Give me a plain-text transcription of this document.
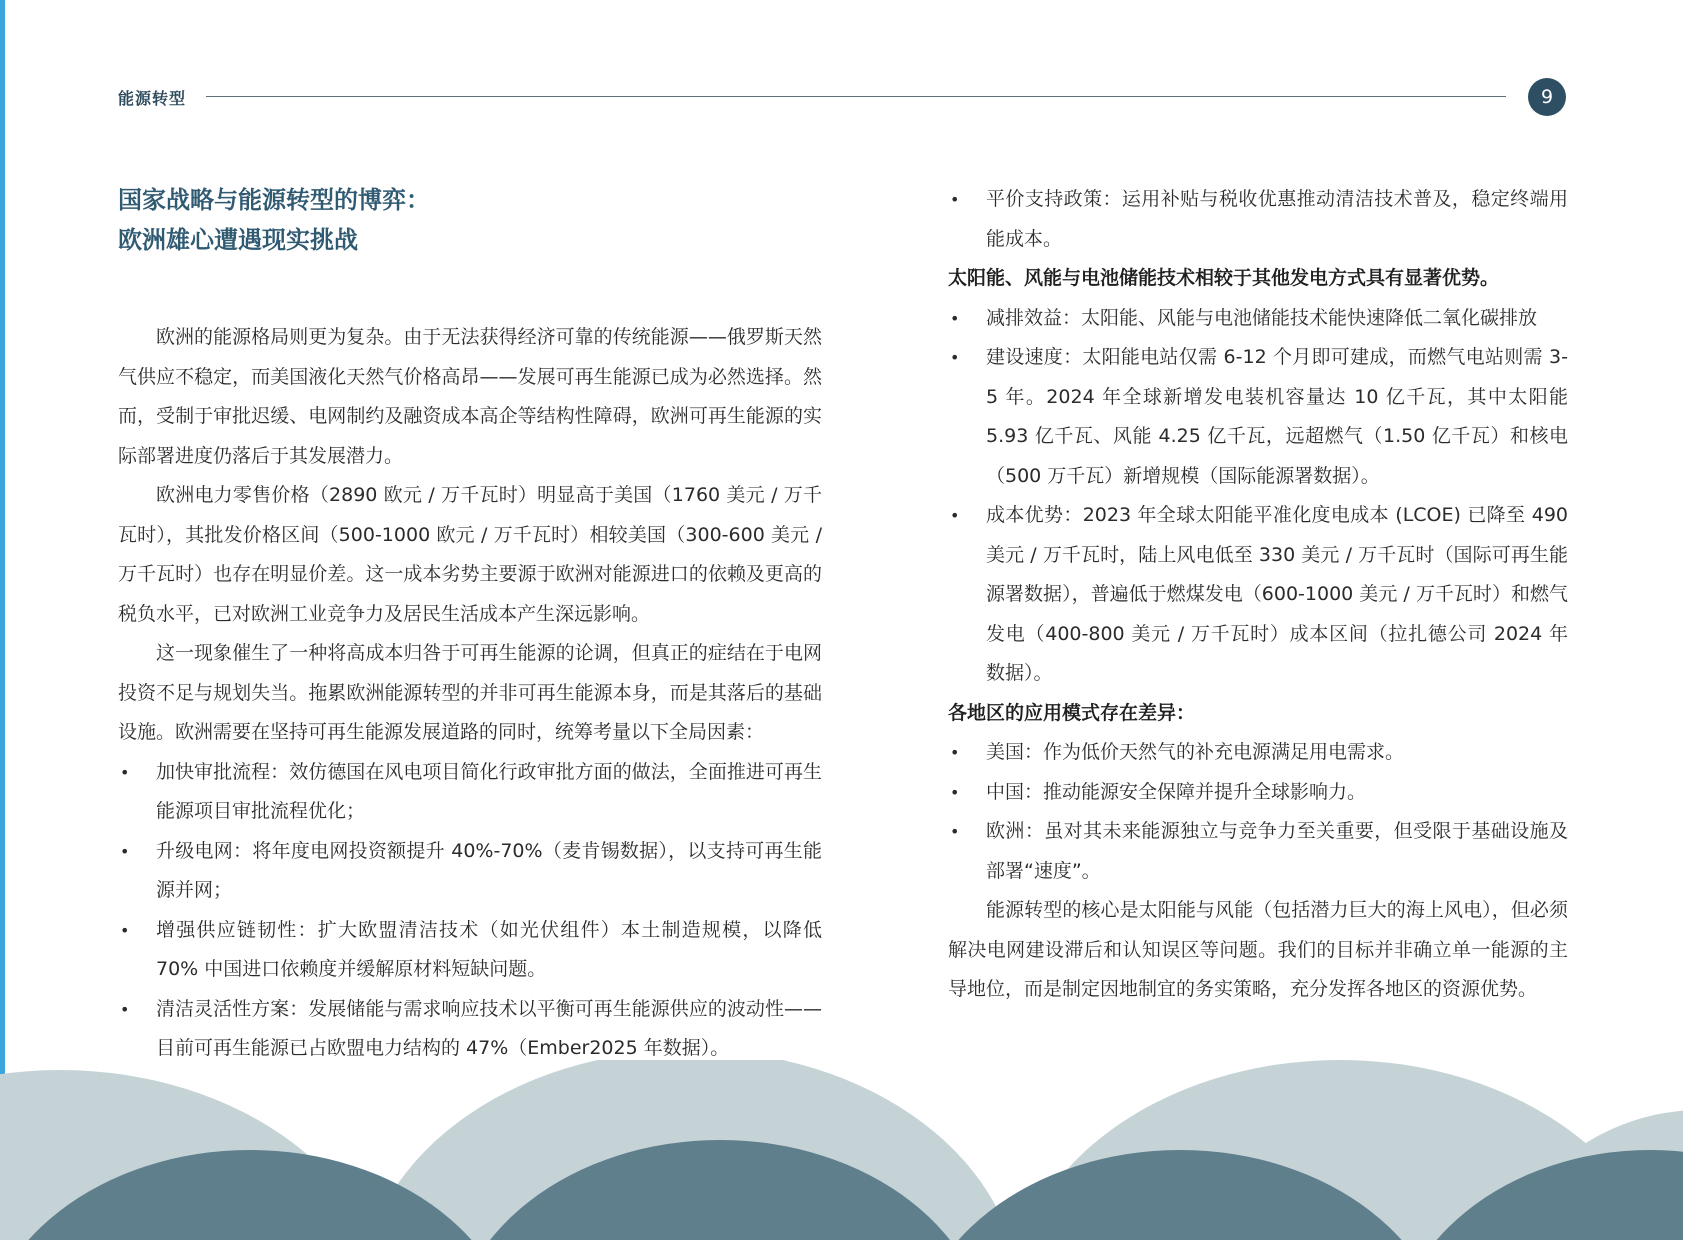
能源转型	9
国家战略与能源转型的博弈：
欧洲雄心遭遇现实挑战

欧洲的能源格局则更为复杂。由于无法获得经济可靠的传统能源——俄罗斯天然气供应不稳定，而美国液化天然气价格高昂——发展可再生能源已成为必然选择。然而，受制于审批迟缓、电网制约及融资成本高企等结构性障碍，欧洲可再生能源的实际部署进度仍落后于其发展潜力。

欧洲电力零售价格（2890 欧元 / 万千瓦时）明显高于美国（1760 美元 / 万千瓦时），其批发价格区间（500-1000 欧元 / 万千瓦时）相较美国（300-600 美元 / 万千瓦时）也存在明显价差。这一成本劣势主要源于欧洲对能源进口的依赖及更高的税负水平，已对欧洲工业竞争力及居民生活成本产生深远影响。

这一现象催生了一种将高成本归咎于可再生能源的论调，但真正的症结在于电网投资不足与规划失当。拖累欧洲能源转型的并非可再生能源本身，而是其落后的基础设施。欧洲需要在坚持可再生能源发展道路的同时，统筹考量以下全局因素：

• 加快审批流程：效仿德国在风电项目简化行政审批方面的做法，全面推进可再生能源项目审批流程优化；
• 升级电网：将年度电网投资额提升 40%-70%（麦肯锡数据），以支持可再生能源并网；
• 增强供应链韧性：扩大欧盟清洁技术（如光伏组件）本土制造规模，以降低 70% 中国进口依赖度并缓解原材料短缺问题。
• 清洁灵活性方案：发展储能与需求响应技术以平衡可再生能源供应的波动性——目前可再生能源已占欧盟电力结构的 47%（Ember2025 年数据）。
• 平价支持政策：运用补贴与税收优惠推动清洁技术普及，稳定终端用能成本。

太阳能、风能与电池储能技术相较于其他发电方式具有显著优势。

• 减排效益：太阳能、风能与电池储能技术能快速降低二氧化碳排放
• 建设速度：太阳能电站仅需 6-12 个月即可建成，而燃气电站则需 3-5 年。2024 年全球新增发电装机容量达 10 亿千瓦，其中太阳能 5.93 亿千瓦、风能 4.25 亿千瓦，远超燃气（1.50 亿千瓦）和核电（500 万千瓦）新增规模（国际能源署数据）。
• 成本优势：2023 年全球太阳能平准化度电成本 (LCOE) 已降至 490 美元 / 万千瓦时，陆上风电低至 330 美元 / 万千瓦时（国际可再生能源署数据），普遍低于燃煤发电（600-1000 美元 / 万千瓦时）和燃气发电（400-800 美元 / 万千瓦时）成本区间（拉扎德公司 2024 年数据）。

各地区的应用模式存在差异：

• 美国：作为低价天然气的补充电源满足用电需求。
• 中国：推动能源安全保障并提升全球影响力。
• 欧洲：虽对其未来能源独立与竞争力至关重要，但受限于基础设施及部署“速度”。

能源转型的核心是太阳能与风能（包括潜力巨大的海上风电），但必须解决电网建设滞后和认知误区等问题。我们的目标并非确立单一能源的主导地位，而是制定因地制宜的务实策略，充分发挥各地区的资源优势。
